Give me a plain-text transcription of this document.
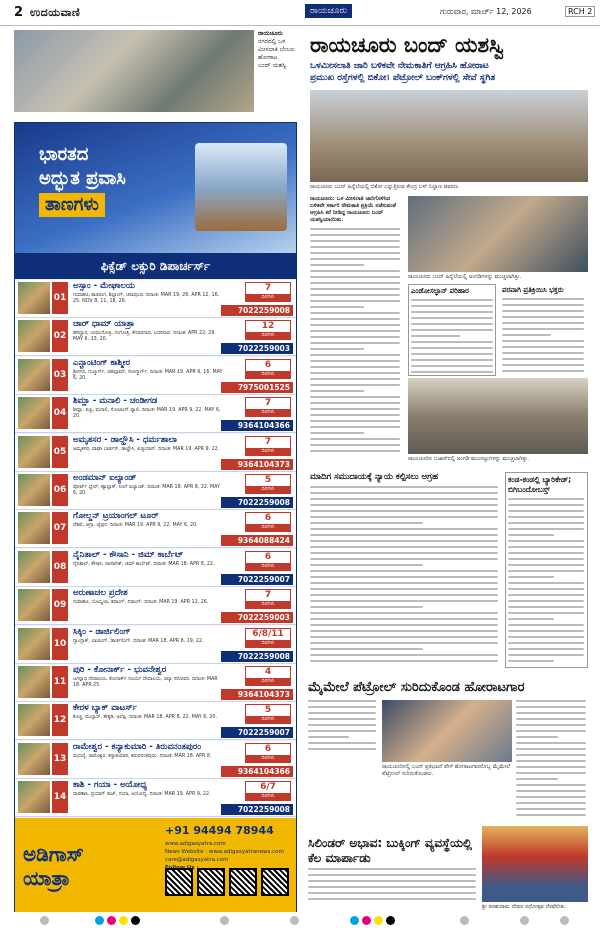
2 ಉದಯವಾಣಿ	ರಾಯಚೂರು	ಗುರುವಾರ, ಮಾರ್ಚ್ 12, 2026	RCH 2
ರಾಯಚೂರು
ನಗರದಲ್ಲಿ ಒಳ
ಮೀಸಲಾತಿ ಬೆಂಬಲ
ಹೋರಾಟ
ಬಂದ್ ಯಶಸ್ವಿ
ಭಾರತದ
ಅದ್ಭುತ ಪ್ರವಾಸಿ
ತಾಣಗಳು
ಫಿಕ್ಸೆಡ್ ಲಕ್ಸುರಿ ಡಿಪಾರ್ಚರ್ಸ್
01
ಅಸ್ಸಾಂ - ಮೇಘಾಲಯ
ಗುವಾಹಟಿ, ಕಾಜಿರಂಗ, ಶಿಲ್ಲಾಂಗ್, ಚಿರಾಪುಂಜಿ. ದಿನಾಂಕ: MAR 19, 26. APR 12, 16, 25. NOV 8, 11, 18, 26.
7
ದಿನಗಳು
7022259008
02
ಚಾರ್ ಧಾಮ್ ಯಾತ್ರಾ
ಹರಿದ್ವಾರ, ಯಮುನೋತ್ರಿ, ಗಂಗೋತ್ರಿ, ಕೇದಾರನಾಥ, ಬದರಿನಾಥ. ದಿನಾಂಕ: APR 22, 29. MAY 6, 13, 20.
12
ದಿನಗಳು
7022259003
03
ಎನ್ಚಾಂಟಿಂಗ್ ಕಾಶ್ಮೀರ
ಶ್ರೀನಗರ, ಗುಲ್ಮಾರ್ಗ್, ಪಹಲ್ಗಾಮ್, ಸೋನ್ಮಾರ್ಗ್. ದಿನಾಂಕ: MAR 19. APR 9, 16. MAY 6, 20.
6
ದಿನಗಳು
7975001525
04
ಶಿಮ್ಲಾ - ಮನಾಲಿ - ಚಂಡೀಗಡ
ಶಿಮ್ಲಾ, ಕುಫ್ರಿ, ಮನಾಲಿ, ಸೋಲಾಂಗ್ ವ್ಯಾಲಿ. ದಿನಾಂಕ: MAR 19. APR 9, 22. MAY 6, 20.
7
ದಿನಗಳು
9364104366
05
ಅಮೃತಸರ - ಡಾಲ್ಹೌಸಿ - ಧರ್ಮಶಾಲಾ
ಅಮೃತಸರ, ವಾಘಾ ಬಾರ್ಡರ್, ಡಾಲ್ಹೌಸಿ, ಖಜ್ಜಿಯಾರ್. ದಿನಾಂಕ: MAR 19. APR 9, 22.
7
ದಿನಗಳು
9364104373
06
ಅಂಡಮಾನ್ ಐಲ್ಯಾಂಡ್
ಪೋರ್ಟ್ ಬ್ಲೇರ್, ಹ್ಯಾವ್ಲಾಕ್, ನೀಲ್ ಐಲ್ಯಾಂಡ್. ದಿನಾಂಕ: MAR 18. APR 8, 22. MAY 6, 20.
5
ದಿನಗಳು
7022259008
07
ಗೋಲ್ಡನ್ ಟ್ರಯಾಂಗಲ್ ಟೂರ್
ದೆಹಲಿ, ಆಗ್ರಾ, ಜೈಪುರ. ದಿನಾಂಕ: MAR 19. APR 9, 22. MAY 6, 20.
6
ದಿನಗಳು
9364088424
08
ನೈನಿತಾಲ್ - ಕೌಸಾನಿ - ಜಿಮ್ ಕಾರ್ಬೆಟ್
ನೈನಿತಾಲ್, ಕೌಸಾನಿ, ರಾಣಿಖೇತ್, ಜಿಮ್ ಕಾರ್ಬೆಟ್. ದಿನಾಂಕ: MAR 18. APR 8, 22.
6
ದಿನಗಳು
7022259007
09
ಅರುಣಾಚಲ ಪ್ರದೇಶ
ಗುವಾಹಟಿ, ಬೊಮ್ಡಿಲಾ, ತವಾಂಗ್, ದಿರಾಂಗ್. ದಿನಾಂಕ: MAR 19. APR 12, 26.
7
ದಿನಗಳು
7022259003
10
ಸಿಕ್ಕಿಂ - ಡಾರ್ಜಿಲಿಂಗ್
ಗ್ಯಾಂಗ್ಟಾಕ್, ಲಾಚುಂಗ್, ಡಾರ್ಜಿಲಿಂಗ್. ದಿನಾಂಕ: MAR 18. APR 8, 19, 22.
6/8/11
ದಿನಗಳು
7022259008
11
ಪುರಿ - ಕೋನಾರ್ಕ್ - ಭುವನೇಶ್ವರ
ಜಗನ್ನಾಥ ದೇವಾಲಯ, ಕೋನಾರ್ಕ್ ಸೂರ್ಯ ದೇವಾಲಯ, ಚಿಲ್ಕಾ ಸರೋವರ. ದಿನಾಂಕ: MAR 18. APR 25.
4
ದಿನಗಳು
9364104373
12
ಕೇರಳ ಬ್ಯಾಕ್ ವಾಟರ್ಸ್
ಕೊಚ್ಚಿ, ಮುನ್ನಾರ್, ತೇಕ್ಕಡಿ, ಅಲೆಪ್ಪಿ. ದಿನಾಂಕ: MAR 18. APR 8, 22. MAY 6, 20.
5
ದಿನಗಳು
7022259007
13
ರಾಮೇಶ್ವರ - ಕನ್ಯಾಕುಮಾರಿ - ತಿರುವನಂತಪುರಂ
ಮಧುರೈ, ರಾಮೇಶ್ವರ, ಕನ್ಯಾಕುಮಾರಿ, ತಿರುವನಂತಪುರಂ. ದಿನಾಂಕ: MAR 18. APR 8.
6
ದಿನಗಳು
9364104366
14
ಕಾಶಿ - ಗಯಾ - ಅಯೋಧ್ಯ
ವಾರಣಾಸಿ, ಪ್ರಯಾಗ್ ರಾಜ್, ಗಯಾ, ಅಯೋಧ್ಯ. ದಿನಾಂಕ: MAR 19. APR 9, 22.
6/7
ದಿನಗಳು
7022259008
ಅಡಿಗಾಸ್
ಯಾತ್ರಾ
+91 94494 78944
www.adigasyatra.com
News Website : www.adigasyatranews.com
care@adigasyatra.com
ರಾಯಚೂರು ಬಂದ್ ಯಶಸ್ವಿ
ಒಳಮೀಸಲಾತಿ ಜಾರಿ ಬಳಿಕವೇ ನೇಮಕಾತಿಗೆ ಆಗ್ರಹಿಸಿ ಹೋರಾಟ
ಪ್ರಮುಖ ರಸ್ತೆಗಳಲ್ಲಿ ಬಿಕೋ। ಪೆಟ್ರೋಲ್ ಬಂಕ್‌ಗಳಲ್ಲಿ ಸೇವೆ ಸ್ಥಗಿತ
ರಾಯಚೂರು ಬಂದ್ ಹಿನ್ನೆಲೆಯಲ್ಲಿ ಬಿಕೋ ಎನ್ನುತ್ತಿರುವ ಕೇಂದ್ರ ಬಸ್ ನಿಲ್ದಾಣ ಆವರಣ.
ರಾಯಚೂರು: ಒಳ ಮೀಸಲಾತಿ ಜಾರಿಗೊಳಿಸಿದ ಬಳಿಕವೇ ಸರ್ಕಾರಿ ನೇಮಕಾತಿ ಪ್ರಕ್ರಿಯೆ ನಡೆಸುವಂತೆ ಆಗ್ರಹಿಸಿ ಕರೆ ನೀಡಿದ್ದ ರಾಯಚೂರು ಬಂದ್ ಯಶಸ್ವಿಯಾಯಿತು.
ರಾಯಚೂರು ಬಂದ್ ಹಿನ್ನೆಲೆಯಲ್ಲಿ ಅಂಗಡಿಗಳನ್ನು ಮುಚ್ಚಲಾಗಿತ್ತು.
ಎಂಡೋಸಲ್ಫಾನ್ ಪರಿಹಾರ	ಪರವಾಗಿ ಪ್ರತಿಕ್ರಿಯಿಸಿ ಭಕ್ತರು
ರಾಯಚೂರಿನ ಬಜಾರ್‌ನಲ್ಲಿ ಅಂಗಡಿ ಮುಂಗಟ್ಟುಗಳನ್ನು ಮುಚ್ಚಲಾಗಿತ್ತು.
ಮಾದಿಗ ಸಮುದಾಯಕ್ಕೆ ನ್ಯಾಯ ಕಲ್ಪಿಸಲು ಆಗ್ರಹ	ಕಂಡ-ಕಂಡಲ್ಲಿ ಬ್ಯಾರಿಕೇಡ್; ಬಿಗಿಬಂದೋಬಸ್ತ್
ಮೈಮೇಲೆ ಪೆಟ್ರೋಲ್ ಸುರಿದುಕೊಂಡ ಹೋರಾಟಗಾರ
ರಾಯಚೂರಿನಲ್ಲಿ ಬಂದ್ ಪ್ರತಿಭಟನೆ ವೇಳೆ ಹೋರಾಟಗಾರನೊಬ್ಬ ಮೈಮೇಲೆ ಪೆಟ್ರೋಲ್ ಸುರಿದುಕೊಂಡರು.
ಸಿಲಿಂಡರ್ ಅಭಾವ: ಬುಕ್ಕಿಂಗ್ ವ್ಯವಸ್ಥೆಯಲ್ಲಿ ಕೆಲ ಮಾರ್ಪಾಡು
ಶ್ರೀ ಪರಶುರಾಮ ದೇವರ ರಥೋತ್ಸವ ನೆರವೇರಿತು.
